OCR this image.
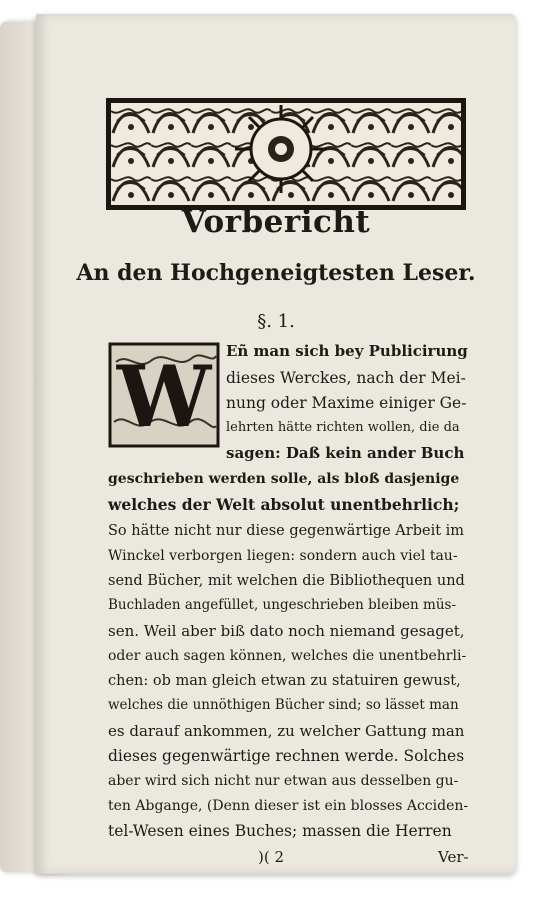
Vorbericht
An den Hochgeneigtesten Leser.
§. 1.
W Eñ man sich bey Publicirung
dieses Werckes, nach der Mei-
nung oder Maxime einiger Ge-
lehrten hätte richten wollen, die da
sagen: Daß kein ander Buch
geschrieben werden solle, als bloß dasjenige
welches der Welt absolut unentbehrlich;
So hätte nicht nur diese gegenwärtige Arbeit im
Winckel verborgen liegen: sondern auch viel tau-
send Bücher, mit welchen die Bibliothequen und
Buchladen angefüllet, ungeschrieben bleiben müs-
sen. Weil aber biß dato noch niemand gesaget,
oder auch sagen können, welches die unentbehrli-
chen: ob man gleich etwan zu statuiren gewust,
welches die unnöthigen Bücher sind; so lässet man
es darauf ankommen, zu welcher Gattung man
dieses gegenwärtige rechnen werde. Solches
aber wird sich nicht nur etwan aus desselben gu-
ten Abgange, (Denn dieser ist ein blosses Acciden-
tel-Wesen eines Buches; massen die Herren
)( 2	Ver-
